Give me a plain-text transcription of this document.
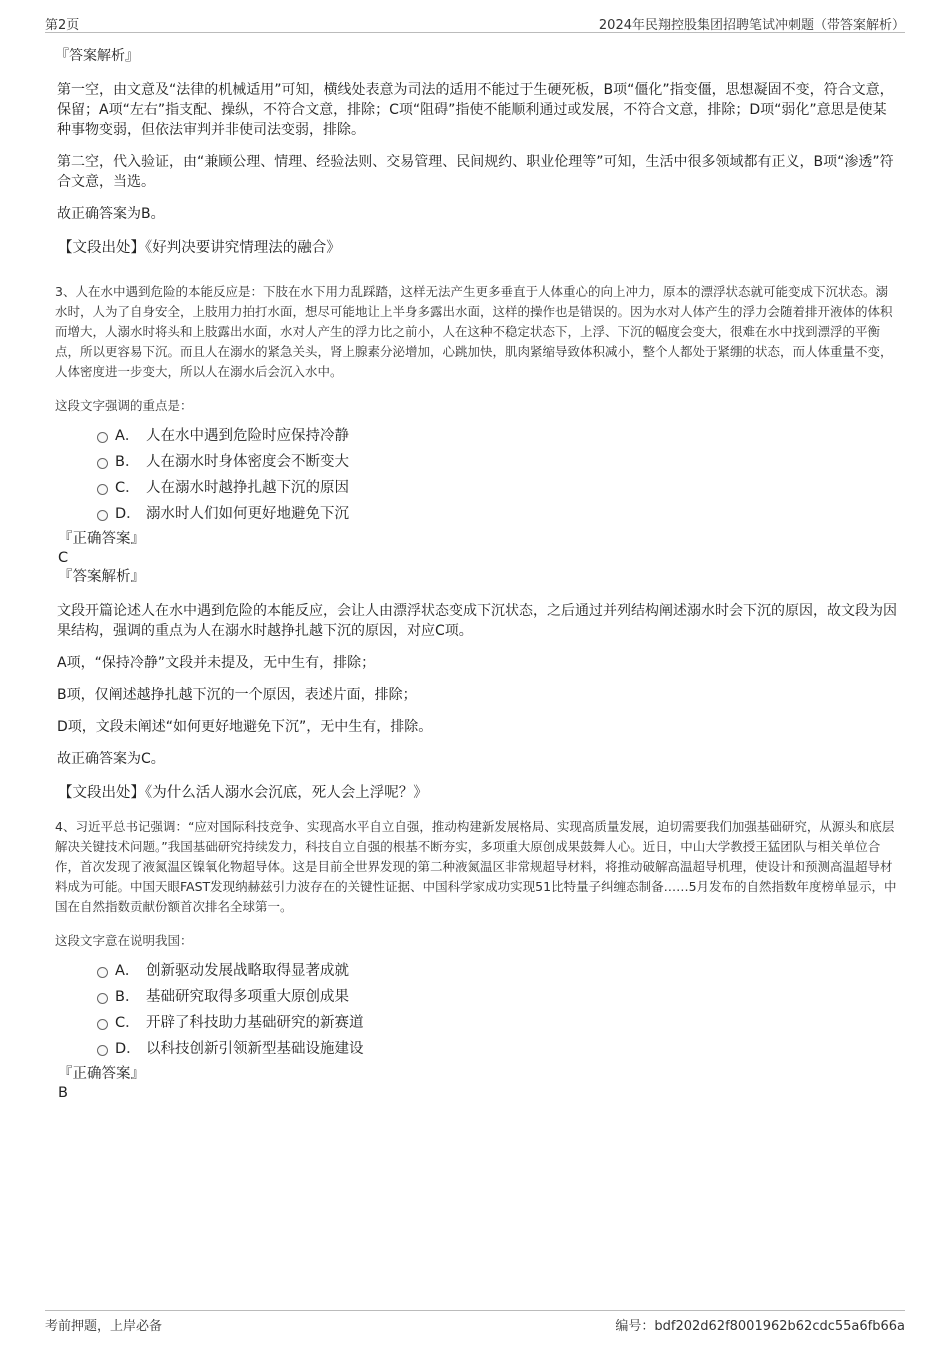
第2页	2024年民翔控股集团招聘笔试冲刺题（带答案解析）
『答案解析』
第一空，由文意及“法律的机械适用”可知，横线处表意为司法的适用不能过于生硬死板，B项“僵化”指变僵，思想凝固不变，符合文意，保留；A项“左右”指支配、操纵，不符合文意，排除；C项“阻碍”指使不能顺利通过或发展，不符合文意，排除；D项“弱化”意思是使某种事物变弱，但依法审判并非使司法变弱，排除。
第二空，代入验证，由“兼顾公理、情理、经验法则、交易管理、民间规约、职业伦理等”可知，生活中很多领域都有正义，B项“渗透”符合文意，当选。
故正确答案为B。
【文段出处】《好判决要讲究情理法的融合》
3、人在水中遇到危险的本能反应是：下肢在水下用力乱踩踏，这样无法产生更多垂直于人体重心的向上冲力，原本的漂浮状态就可能变成下沉状态。溺水时，人为了自身安全，上肢用力拍打水面，想尽可能地让上半身多露出水面，这样的操作也是错误的。因为水对人体产生的浮力会随着排开液体的体积而增大，人溺水时将头和上肢露出水面，水对人产生的浮力比之前小，人在这种不稳定状态下，上浮、下沉的幅度会变大，很难在水中找到漂浮的平衡点，所以更容易下沉。而且人在溺水的紧急关头，肾上腺素分泌增加，心跳加快，肌肉紧缩导致体积减小，整个人都处于紧绷的状态，而人体重量不变，人体密度进一步变大，所以人在溺水后会沉入水中。
这段文字强调的重点是：
A． 人在水中遇到危险时应保持冷静
B． 人在溺水时身体密度会不断变大
C． 人在溺水时越挣扎越下沉的原因
D． 溺水时人们如何更好地避免下沉
『正确答案』
C
『答案解析』
文段开篇论述人在水中遇到危险的本能反应，会让人由漂浮状态变成下沉状态，之后通过并列结构阐述溺水时会下沉的原因，故文段为因果结构，强调的重点为人在溺水时越挣扎越下沉的原因，对应C项。
A项，“保持冷静”文段并未提及，无中生有，排除；
B项，仅阐述越挣扎越下沉的一个原因，表述片面，排除；
D项，文段未阐述“如何更好地避免下沉”，无中生有，排除。
故正确答案为C。
【文段出处】《为什么活人溺水会沉底，死人会上浮呢？》
4、习近平总书记强调：“应对国际科技竞争、实现高水平自立自强，推动构建新发展格局、实现高质量发展，迫切需要我们加强基础研究，从源头和底层解决关键技术问题。”我国基础研究持续发力，科技自立自强的根基不断夯实，多项重大原创成果鼓舞人心。近日，中山大学教授王猛团队与相关单位合作，首次发现了液氮温区镍氧化物超导体。这是目前全世界发现的第二种液氮温区非常规超导材料，将推动破解高温超导机理，使设计和预测高温超导材料成为可能。中国天眼FAST发现纳赫兹引力波存在的关键性证据、中国科学家成功实现51比特量子纠缠态制备……5月发布的自然指数年度榜单显示，中国在自然指数贡献份额首次排名全球第一。
这段文字意在说明我国：
A． 创新驱动发展战略取得显著成就
B． 基础研究取得多项重大原创成果
C． 开辟了科技助力基础研究的新赛道
D． 以科技创新引领新型基础设施建设
『正确答案』
B
考前押题，上岸必备	编号：bdf202d62f8001962b62cdc55a6fb66a
